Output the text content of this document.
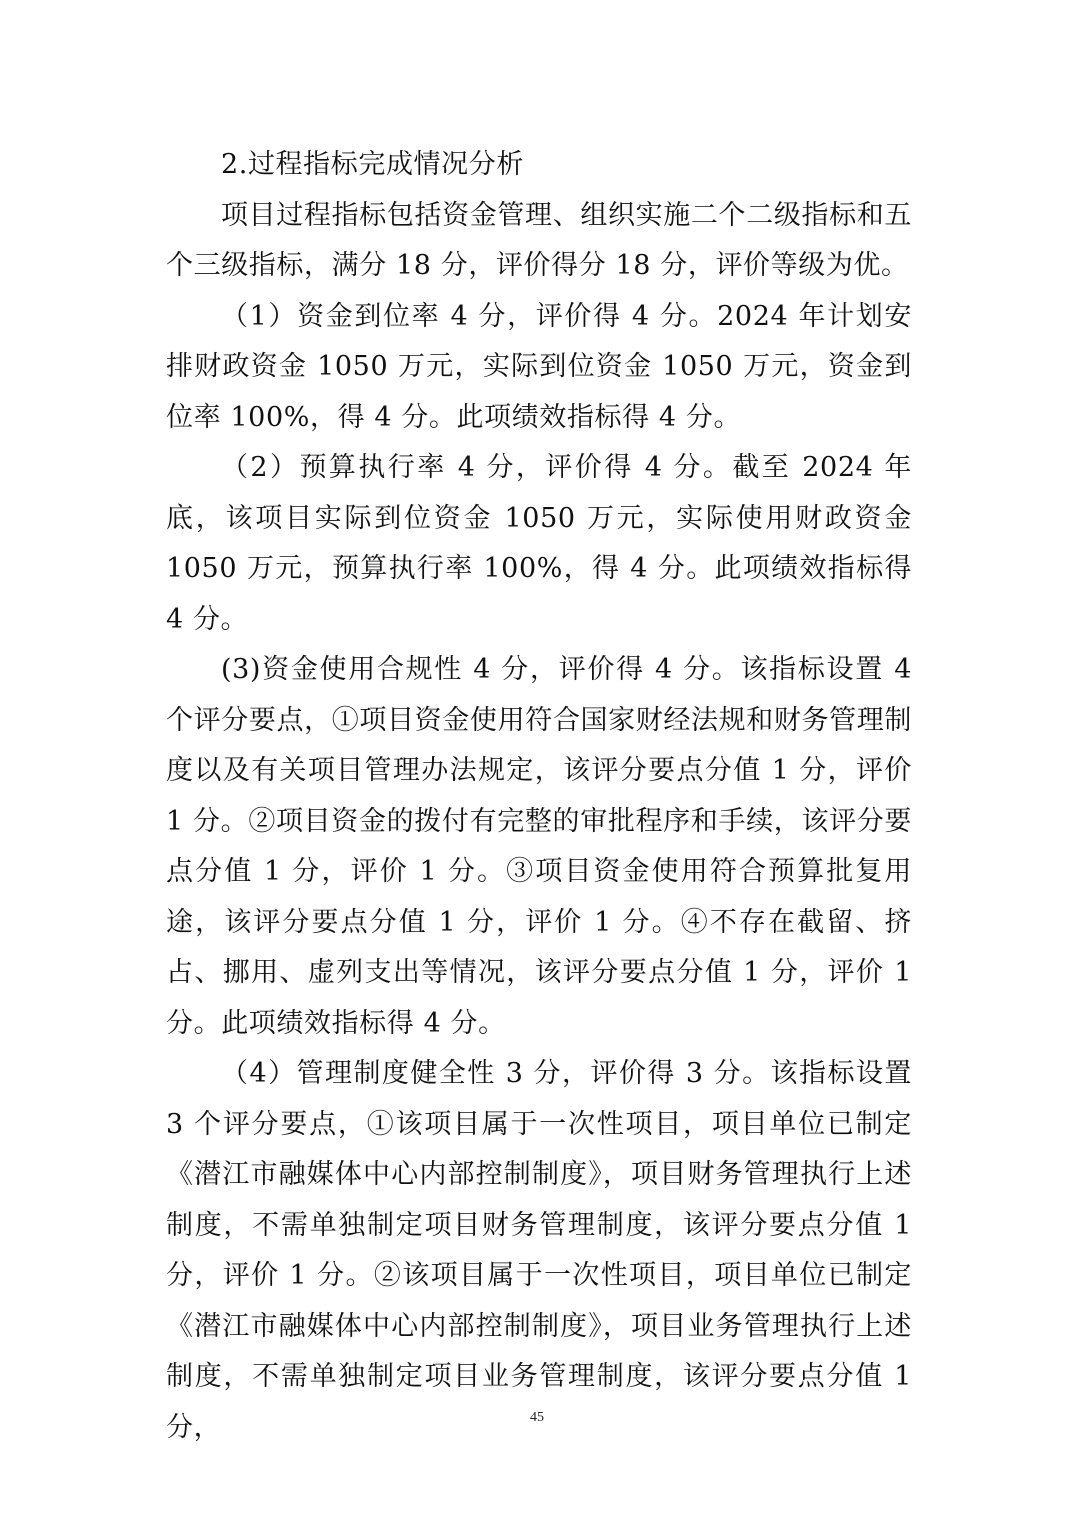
2.过程指标完成情况分析

项目过程指标包括资金管理、组织实施二个二级指标和五个三级指标，满分 18 分，评价得分 18 分，评价等级为优。

（1）资金到位率 4 分，评价得 4 分。2024 年计划安排财政资金 1050 万元，实际到位资金 1050 万元，资金到位率 100%，得 4 分。此项绩效指标得 4 分。

（2）预算执行率 4 分，评价得 4 分。截至 2024 年底，该项目实际到位资金 1050 万元，实际使用财政资金 1050 万元，预算执行率 100%，得 4 分。此项绩效指标得 4 分。

(3)资金使用合规性 4 分，评价得 4 分。该指标设置 4 个评分要点，①项目资金使用符合国家财经法规和财务管理制度以及有关项目管理办法规定，该评分要点分值 1 分，评价 1 分。②项目资金的拨付有完整的审批程序和手续，该评分要点分值 1 分，评价 1 分。③项目资金使用符合预算批复用途，该评分要点分值 1 分，评价 1 分。④不存在截留、挤占、挪用、虚列支出等情况，该评分要点分值 1 分，评价 1 分。此项绩效指标得 4 分。

（4）管理制度健全性 3 分，评价得 3 分。该指标设置 3 个评分要点，①该项目属于一次性项目，项目单位已制定《潜江市融媒体中心内部控制制度》，项目财务管理执行上述制度，不需单独制定项目财务管理制度，该评分要点分值 1 分，评价 1 分。②该项目属于一次性项目，项目单位已制定《潜江市融媒体中心内部控制制度》，项目业务管理执行上述制度，不需单独制定项目业务管理制度，该评分要点分值 1 分，	45
